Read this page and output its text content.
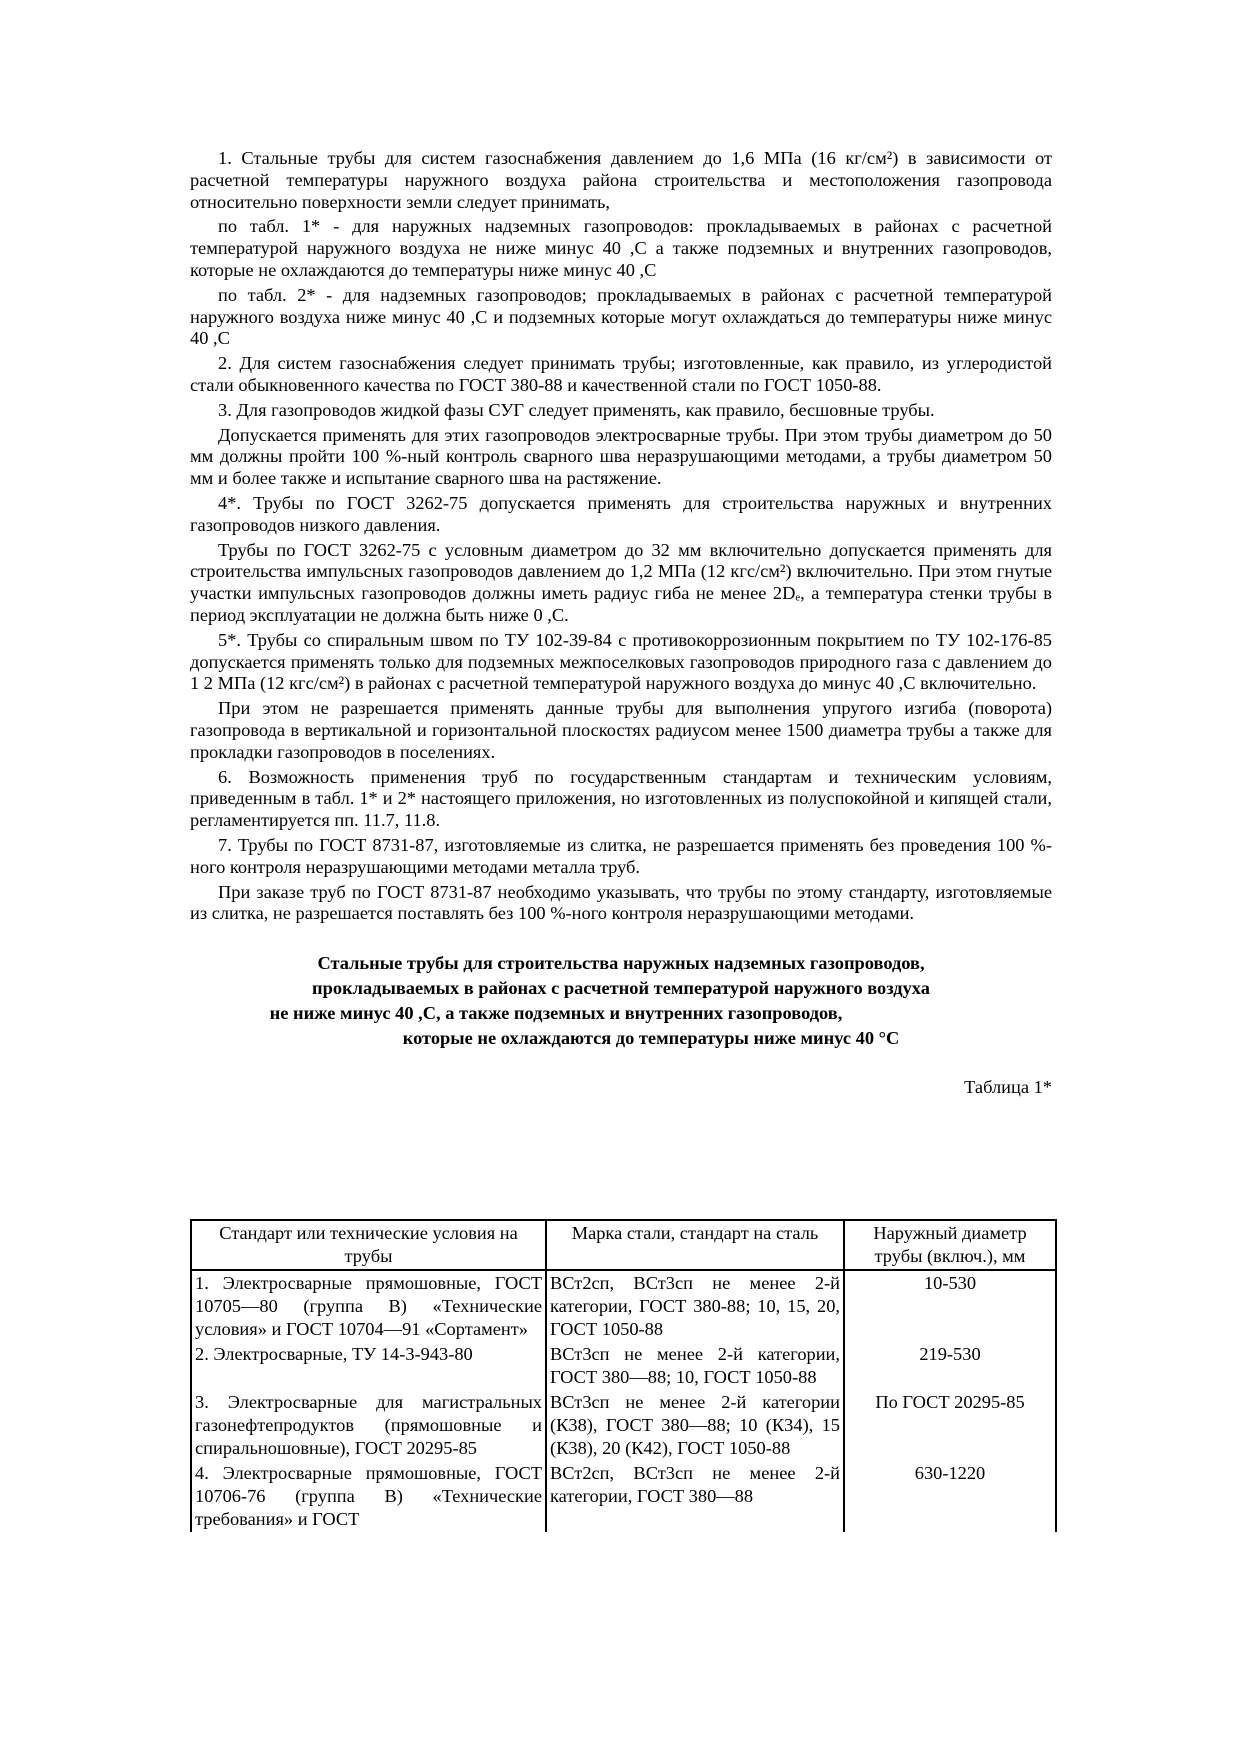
1. Стальные трубы для систем газоснабжения давлением до 1,6 МПа (16 кг/см²) в зависимости от расчетной температуры наружного воздуха района строительства и местоположения газопровода относительно поверхности земли следует принимать,

по табл. 1* - для наружных надземных газопроводов: прокладываемых в районах с расчетной температурой наружного воздуха не ниже минус 40 ,С а также подземных и внутренних газопроводов, которые не охлаждаются до температуры ниже минус 40 ,С

по табл. 2* - для надземных газопроводов; прокладываемых в районах с расчетной температурой наружного воздуха ниже минус 40 ,С и подземных которые могут охлаждаться до температуры ниже минус 40 ,С

2. Для систем газоснабжения следует принимать трубы; изготовленные, как правило, из углеродистой стали обыкновенного качества по ГОСТ 380-88 и качественной стали по ГОСТ 1050-88.

3. Для газопроводов жидкой фазы СУГ следует применять, как правило, бесшовные трубы.

Допускается применять для этих газопроводов электросварные трубы. При этом трубы диаметром до 50 мм должны пройти 100 %-ный контроль сварного шва неразрушающими методами, а трубы диаметром 50 мм и более также и испытание сварного шва на растяжение.

4*. Трубы по ГОСТ 3262-75 допускается применять для строительства наружных и внутренних газопроводов низкого давления.

Трубы по ГОСТ 3262-75 с условным диаметром до 32 мм включительно допускается применять для строительства импульсных газопроводов давлением до 1,2 МПа (12 кгс/см²) включительно. При этом гнутые участки импульсных газопроводов должны иметь радиус гиба не менее 2Dₑ, а температура стенки трубы в период эксплуатации не должна быть ниже 0 ,С.

5*. Трубы со спиральным швом по ТУ 102-39-84 с противокоррозионным покрытием по ТУ 102-176-85 допускается применять только для подземных межпоселковых газопроводов природного газа с давлением до 1 2 МПа (12 кгс/см²) в районах с расчетной температурой наружного воздуха до минус 40 ,С включительно.

При этом не разрешается применять данные трубы для выполнения упругого изгиба (поворота) газопровода в вертикальной и горизонтальной плоскостях радиусом менее 1500 диаметра трубы а также для прокладки газопроводов в поселениях.

6. Возможность применения труб по государственным стандартам и техническим условиям, приведенным в табл. 1* и 2* настоящего приложения, но изготовленных из полуспокойной и кипящей стали, регламентируется пп. 11.7, 11.8.

7. Трубы по ГОСТ 8731-87, изготовляемые из слитка, не разрешается применять без проведения 100 %-ного контроля неразрушающими методами металла труб.

При заказе труб по ГОСТ 8731-87 необходимо указывать, что трубы по этому стандарту, изготовляемые из слитка, не разрешается поставлять без 100 %-ного контроля неразрушающими методами.

Стальные трубы для строительства наружных надземных газопроводов,
прокладываемых в районах с расчетной температурой наружного воздуха
не ниже минус 40 ,С, а также подземных и внутренних газопроводов,
которые не охлаждаются до температуры ниже минус 40 °С
Таблица 1*
Стандарт или технические условия на трубы	Марка стали, стандарт на сталь	Наружный диаметр трубы (включ.), мм
1. Электросварные прямошовные, ГОСТ 10705—80 (группа В) «Технические условия» и ГОСТ 10704—91 «Сортамент»	ВСт2сп, ВСт3сп не менее 2-й категории, ГОСТ 380-88; 10, 15, 20, ГОСТ 1050-88	10-530
2. Электросварные, ТУ 14-3-943-80	ВСт3сп не менее 2-й категории, ГОСТ 380—88; 10, ГОСТ 1050-88	219-530
3. Электросварные для магистральных газонефтепродуктов (прямошовные и спиральношовные), ГОСТ 20295-85	ВСт3сп не менее 2-й категории (К38), ГОСТ 380—88; 10 (К34), 15 (К38), 20 (К42), ГОСТ 1050-88	По ГОСТ 20295-85
4. Электросварные прямошовные, ГОСТ 10706-76 (группа В) «Технические требования» и ГОСТ	ВСт2сп, ВСт3сп не менее 2-й категории, ГОСТ 380—88	630-1220
